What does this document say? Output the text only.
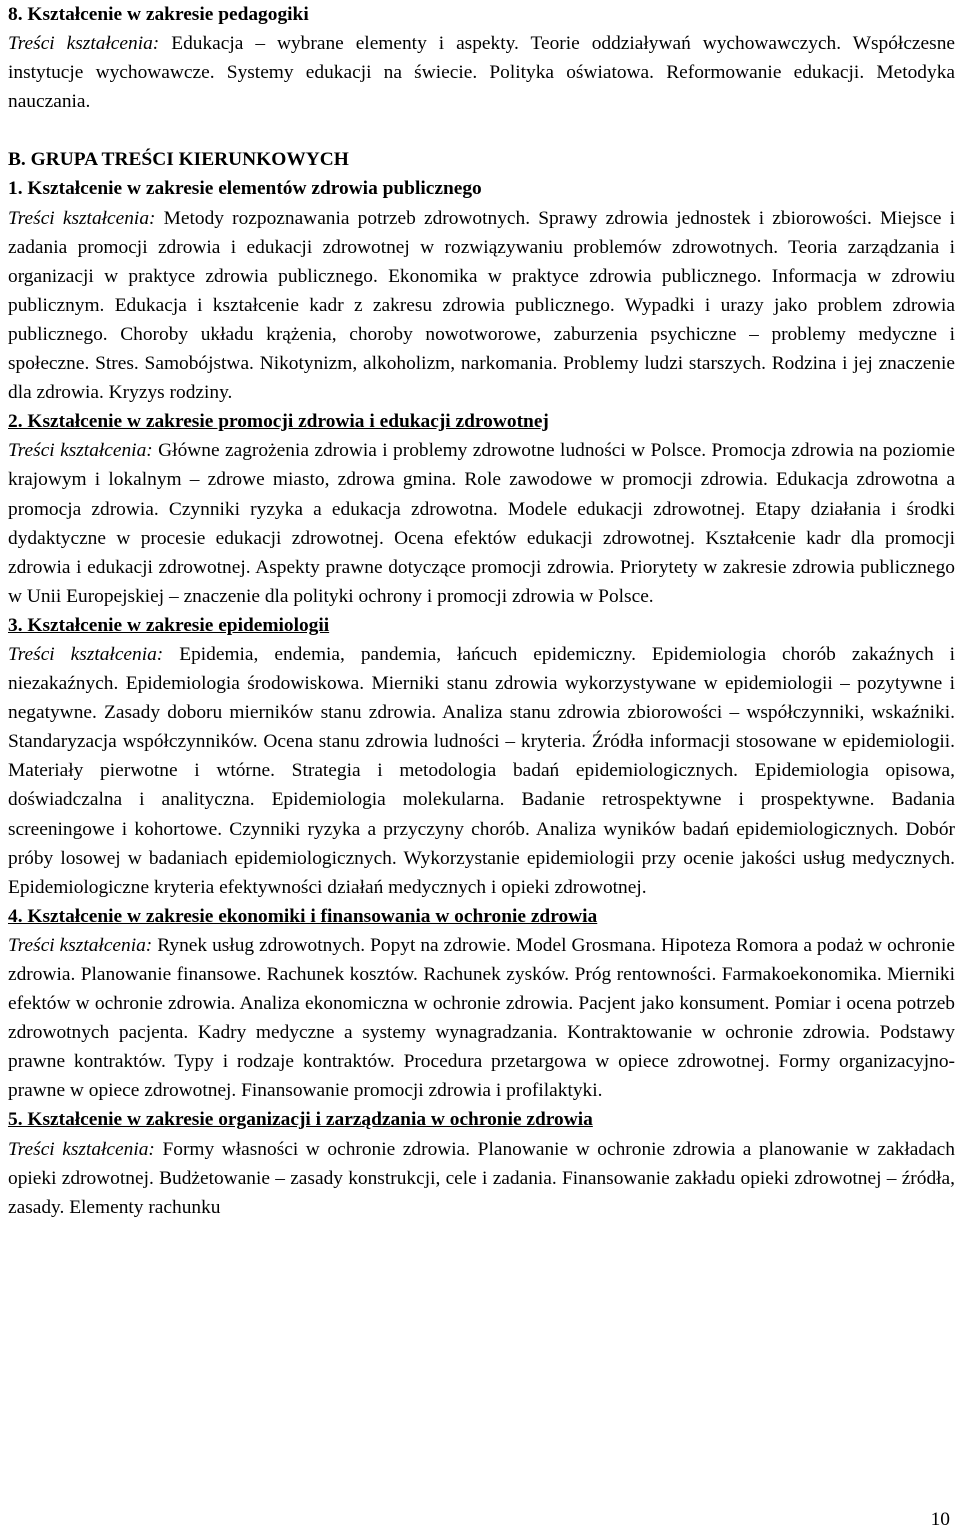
8. Kształcenie w zakresie pedagogiki

Treści kształcenia: Edukacja – wybrane elementy i aspekty. Teorie oddziaływań wychowawczych. Współczesne instytucje wychowawcze. Systemy edukacji na świecie. Polityka oświatowa. Reformowanie edukacji. Metodyka nauczania.

B. GRUPA TREŚCI KIERUNKOWYCH

1. Kształcenie w zakresie elementów zdrowia publicznego

Treści kształcenia: Metody rozpoznawania potrzeb zdrowotnych. Sprawy zdrowia jednostek i zbiorowości. Miejsce i zadania promocji zdrowia i edukacji zdrowotnej w rozwiązywaniu problemów zdrowotnych. Teoria zarządzania i organizacji w praktyce zdrowia publicznego. Ekonomika w praktyce zdrowia publicznego. Informacja w zdrowiu publicznym. Edukacja i kształcenie kadr z zakresu zdrowia publicznego. Wypadki i urazy jako problem zdrowia publicznego. Choroby układu krążenia, choroby nowotworowe, zaburzenia psychiczne – problemy medyczne i społeczne. Stres. Samobójstwa. Nikotynizm, alkoholizm, narkomania. Problemy ludzi starszych. Rodzina i jej znaczenie dla zdrowia. Kryzys rodziny.

2. Kształcenie w zakresie promocji zdrowia i edukacji zdrowotnej

Treści kształcenia: Główne zagrożenia zdrowia i problemy zdrowotne ludności w Polsce. Promocja zdrowia na poziomie krajowym i lokalnym – zdrowe miasto, zdrowa gmina. Role zawodowe w promocji zdrowia. Edukacja zdrowotna a promocja zdrowia. Czynniki ryzyka a edukacja zdrowotna. Modele edukacji zdrowotnej. Etapy działania i środki dydaktyczne w procesie edukacji zdrowotnej. Ocena efektów edukacji zdrowotnej. Kształcenie kadr dla promocji zdrowia i edukacji zdrowotnej. Aspekty prawne dotyczące promocji zdrowia. Priorytety w zakresie zdrowia publicznego w Unii Europejskiej – znaczenie dla polityki ochrony i promocji zdrowia w Polsce.

3. Kształcenie w zakresie epidemiologii

Treści kształcenia: Epidemia, endemia, pandemia, łańcuch epidemiczny. Epidemiologia chorób zakaźnych i niezakaźnych. Epidemiologia środowiskowa. Mierniki stanu zdrowia wykorzystywane w epidemiologii – pozytywne i negatywne. Zasady doboru mierników stanu zdrowia. Analiza stanu zdrowia zbiorowości – współczynniki, wskaźniki. Standaryzacja współczynników. Ocena stanu zdrowia ludności – kryteria. Źródła informacji stosowane w epidemiologii. Materiały pierwotne i wtórne. Strategia i metodologia badań epidemiologicznych. Epidemiologia opisowa, doświadczalna i analityczna. Epidemiologia molekularna. Badanie retrospektywne i prospektywne. Badania screeningowe i kohortowe. Czynniki ryzyka a przyczyny chorób. Analiza wyników badań epidemiologicznych. Dobór próby losowej w badaniach epidemiologicznych. Wykorzystanie epidemiologii przy ocenie jakości usług medycznych. Epidemiologiczne kryteria efektywności działań medycznych i opieki zdrowotnej.

4. Kształcenie w zakresie ekonomiki i finansowania w ochronie zdrowia

Treści kształcenia: Rynek usług zdrowotnych. Popyt na zdrowie. Model Grosmana. Hipoteza Romora a podaż w ochronie zdrowia. Planowanie finansowe. Rachunek kosztów. Rachunek zysków. Próg rentowności. Farmakoekonomika. Mierniki efektów w ochronie zdrowia. Analiza ekonomiczna w ochronie zdrowia. Pacjent jako konsument. Pomiar i ocena potrzeb zdrowotnych pacjenta. Kadry medyczne a systemy wynagradzania. Kontraktowanie w ochronie zdrowia. Podstawy prawne kontraktów. Typy i rodzaje kontraktów. Procedura przetargowa w opiece zdrowotnej. Formy organizacyjno-prawne w opiece zdrowotnej. Finansowanie promocji zdrowia i profilaktyki.

5. Kształcenie w zakresie organizacji i zarządzania w ochronie zdrowia

Treści kształcenia: Formy własności w ochronie zdrowia. Planowanie w ochronie zdrowia a planowanie w zakładach opieki zdrowotnej. Budżetowanie – zasady konstrukcji, cele i zadania. Finansowanie zakładu opieki zdrowotnej – źródła, zasady. Elementy rachunku

10
